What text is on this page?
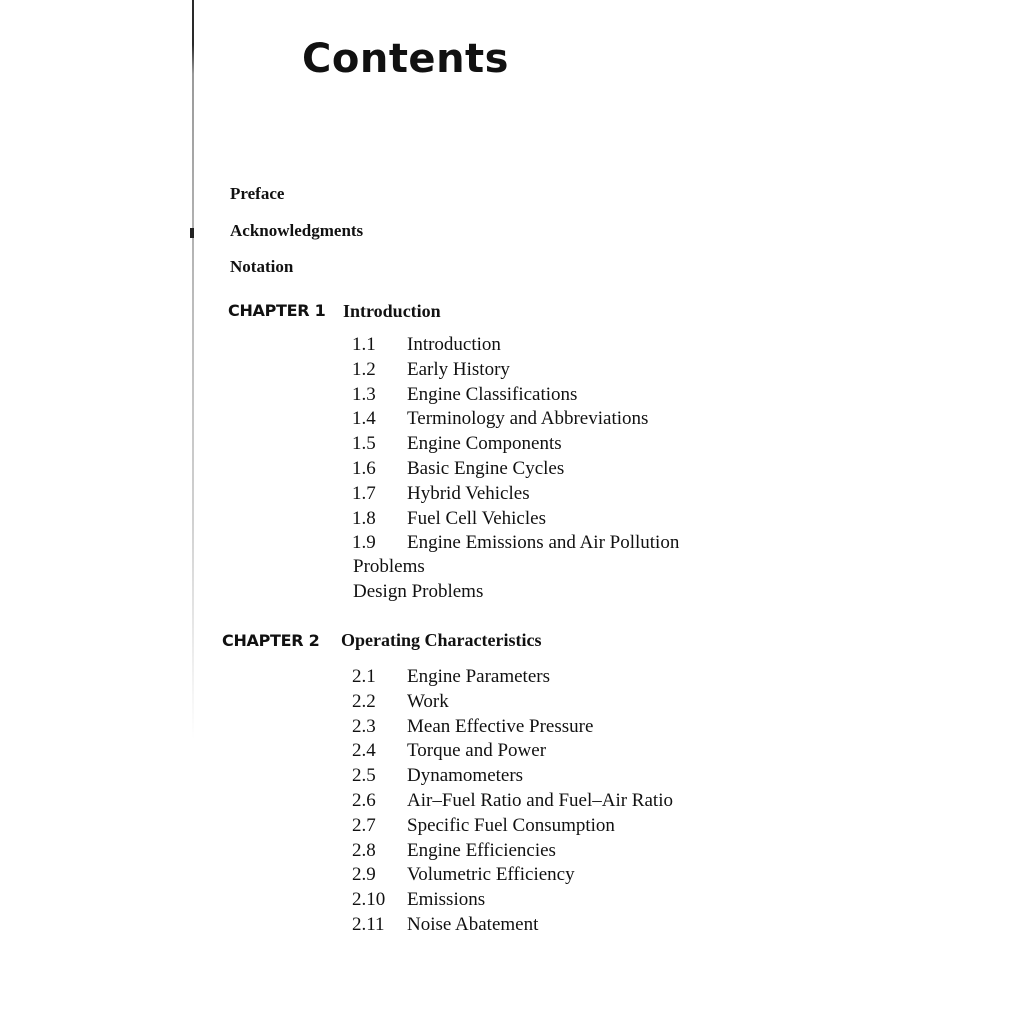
Contents
Preface
Acknowledgments
Notation
CHAPTER 1 Introduction
1.1	Introduction
1.2	Early History
1.3	Engine Classifications
1.4	Terminology and Abbreviations
1.5	Engine Components
1.6	Basic Engine Cycles
1.7	Hybrid Vehicles
1.8	Fuel Cell Vehicles
1.9	Engine Emissions and Air Pollution
Problems
Design Problems
CHAPTER 2 Operating Characteristics
2.1	Engine Parameters
2.2	Work
2.3	Mean Effective Pressure
2.4	Torque and Power
2.5	Dynamometers
2.6	Air–Fuel Ratio and Fuel–Air Ratio
2.7	Specific Fuel Consumption
2.8	Engine Efficiencies
2.9	Volumetric Efficiency
2.10	Emissions
2.11	Noise Abatement
